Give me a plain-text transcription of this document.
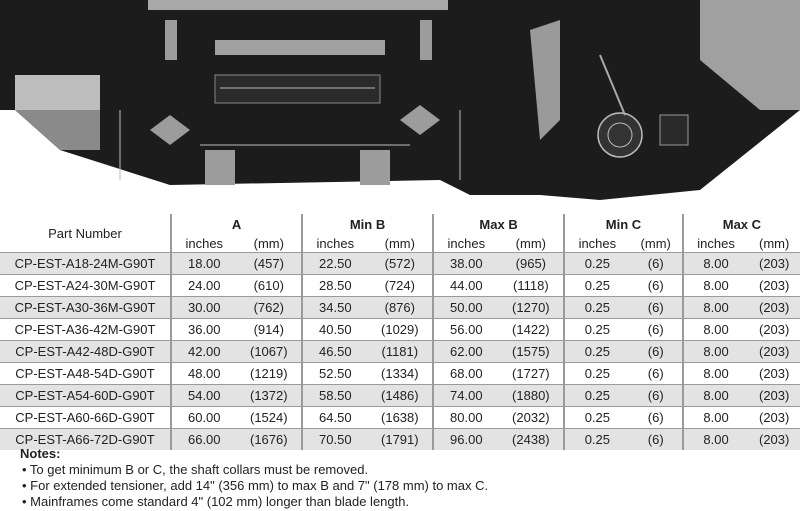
Part Number	A		Min B		Max B		Min C		Max C	
	inches	(mm)	inches	(mm)	inches	(mm)	inches	(mm)	inches	(mm)
CP-EST-A18-24M-G90T	18.00	(457)	22.50	(572)	38.00	(965)	0.25	(6)	8.00	(203)
CP-EST-A24-30M-G90T	24.00	(610)	28.50	(724)	44.00	(1118)	0.25	(6)	8.00	(203)
CP-EST-A30-36M-G90T	30.00	(762)	34.50	(876)	50.00	(1270)	0.25	(6)	8.00	(203)
CP-EST-A36-42M-G90T	36.00	(914)	40.50	(1029)	56.00	(1422)	0.25	(6)	8.00	(203)
CP-EST-A42-48D-G90T	42.00	(1067)	46.50	(1181)	62.00	(1575)	0.25	(6)	8.00	(203)
CP-EST-A48-54D-G90T	48.00	(1219)	52.50	(1334)	68.00	(1727)	0.25	(6)	8.00	(203)
CP-EST-A54-60D-G90T	54.00	(1372)	58.50	(1486)	74.00	(1880)	0.25	(6)	8.00	(203)
CP-EST-A60-66D-G90T	60.00	(1524)	64.50	(1638)	80.00	(2032)	0.25	(6)	8.00	(203)
CP-EST-A66-72D-G90T	66.00	(1676)	70.50	(1791)	96.00	(2438)	0.25	(6)	8.00	(203)
Notes:
• To get minimum B or C, the shaft collars must be removed.
• For extended tensioner, add 14" (356 mm) to max B and 7" (178 mm) to max C.
• Mainframes come standard 4" (102 mm) longer than blade length.
